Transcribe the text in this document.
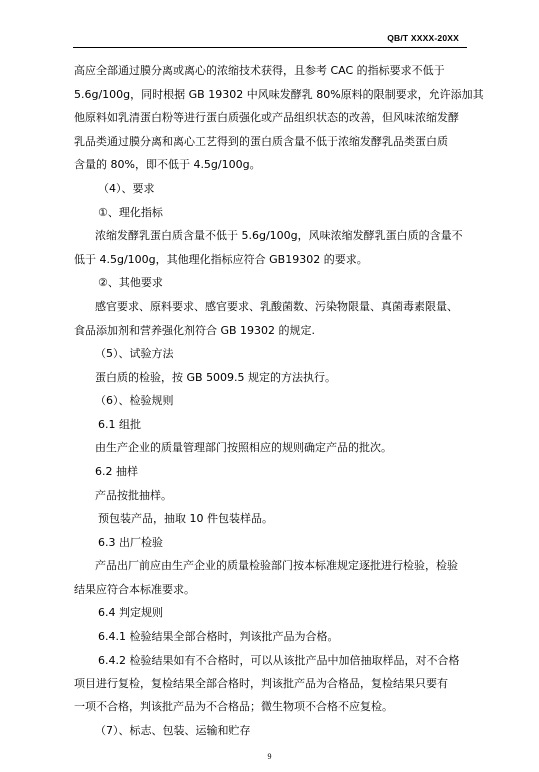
QB/T XXXX-20XX
高应全部通过膜分离或离心的浓缩技术获得，且参考 CAC 的指标要求不低于
5.6g/100g，同时根据 GB 19302 中风味发酵乳 80%原料的限制要求，允许添加其
他原料如乳清蛋白粉等进行蛋白质强化或产品组织状态的改善，但风味浓缩发酵
乳品类通过膜分离和离心工艺得到的蛋白质含量不低于浓缩发酵乳品类蛋白质
含量的 80%，即不低于 4.5g/100g。
（4）、要求
①、理化指标
浓缩发酵乳蛋白质含量不低于 5.6g/100g，风味浓缩发酵乳蛋白质的含量不
低于 4.5g/100g，其他理化指标应符合 GB19302 的要求。
②、其他要求
感官要求、原料要求、感官要求、乳酸菌数、污染物限量、真菌毒素限量、
食品添加剂和营养强化剂符合 GB 19302 的规定.
（5）、试验方法
蛋白质的检验，按 GB 5009.5 规定的方法执行。
（6）、检验规则
6.1 组批
由生产企业的质量管理部门按照相应的规则确定产品的批次。
6.2 抽样
产品按批抽样。
预包装产品，抽取 10 件包装样品。
6.3 出厂检验
产品出厂前应由生产企业的质量检验部门按本标准规定逐批进行检验，检验
结果应符合本标准要求。
6.4 判定规则
6.4.1 检验结果全部合格时，判该批产品为合格。
6.4.2 检验结果如有不合格时，可以从该批产品中加倍抽取样品，对不合格
项目进行复检，复检结果全部合格时，判该批产品为合格品，复检结果只要有
一项不合格，判该批产品为不合格品；微生物项不合格不应复检。
（7）、标志、包装、运输和贮存
9
